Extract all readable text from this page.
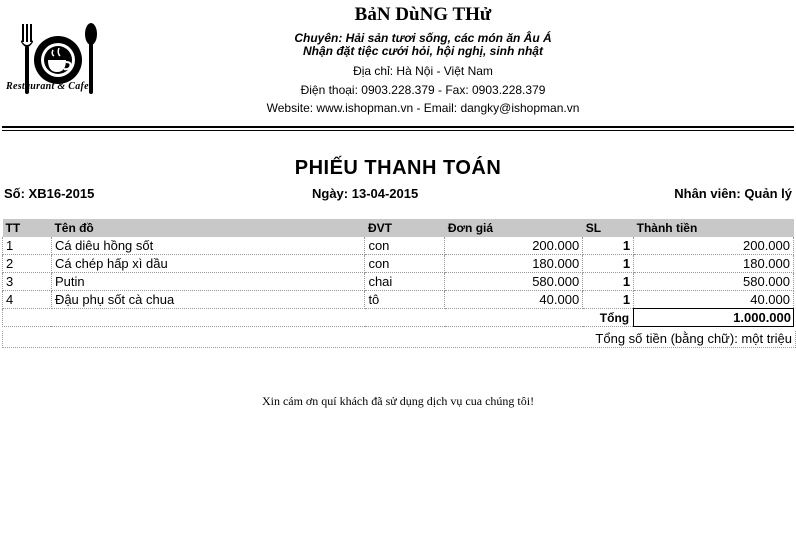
Restaurant & Cafe
BảN DùNG THử
Chuyên: Hải sản tươi sống, các món ăn Âu Á
Nhận đặt tiệc cưới hỏi, hội nghị, sinh nhật
Địa chỉ: Hà Nội - Việt Nam
Điện thoại: 0903.228.379 - Fax: 0903.228.379
Website: www.ishopman.vn - Email: dangky@ishopman.vn
PHIẾU THANH TOÁN
Số: XB16-2015	Ngày: 13-04-2015	Nhân viên: Quản lý
TT	Tên đồ	ĐVT	Đơn giá	SL	Thành tiền
1	Cá diêu hồng sốt	con	200.000	1	200.000
2	Cá chép hấp xì dầu	con	180.000	1	180.000
3	Putin	chai	580.000	1	580.000
4	Đậu phụ sốt cà chua	tô	40.000	1	40.000
Tổng					1.000.000
Tổng số tiền (bằng chữ): một triệu
Xin cám ơn quí khách đã sử dụng dịch vụ cua chúng tôi!
